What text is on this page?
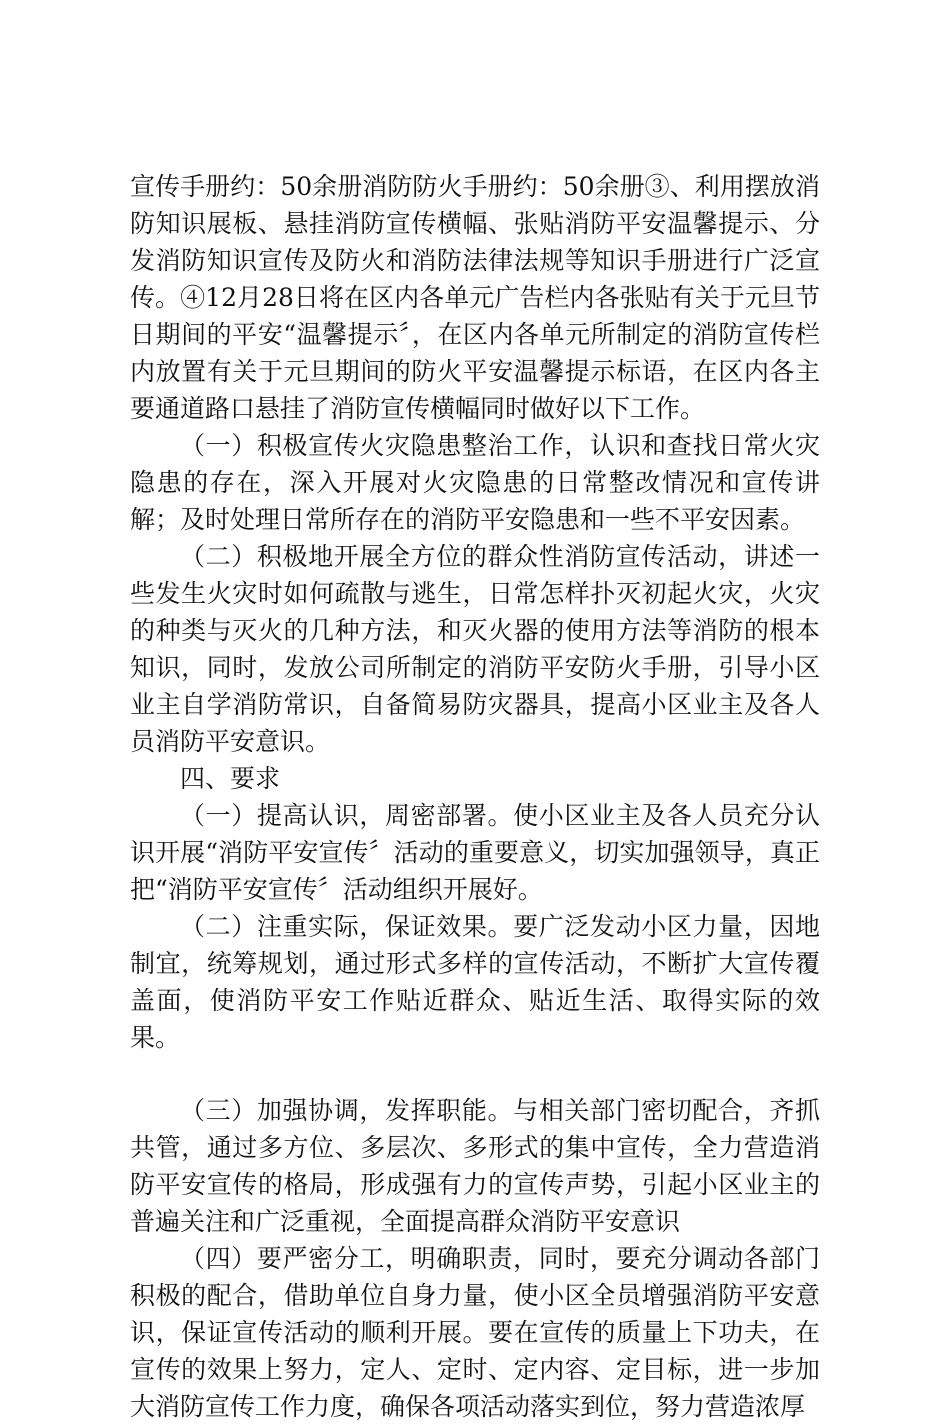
宣传手册约：50余册消防防火手册约：50余册③、利用摆放消防知识展板、悬挂消防宣传横幅、张贴消防平安温馨提示、分发消防知识宣传及防火和消防法律法规等知识手册进行广泛宣传。④12月28日将在区内各单元广告栏内各张贴有关于元旦节日期间的平安“温馨提示〞，在区内各单元所制定的消防宣传栏内放置有关于元旦期间的防火平安温馨提示标语，在区内各主要通道路口悬挂了消防宣传横幅同时做好以下工作。

（一）积极宣传火灾隐患整治工作，认识和查找日常火灾隐患的存在，深入开展对火灾隐患的日常整改情况和宣传讲解；及时处理日常所存在的消防平安隐患和一些不平安因素。

（二）积极地开展全方位的群众性消防宣传活动，讲述一些发生火灾时如何疏散与逃生，日常怎样扑灭初起火灾，火灾的种类与灭火的几种方法，和灭火器的使用方法等消防的根本知识，同时，发放公司所制定的消防平安防火手册，引导小区业主自学消防常识，自备简易防灾器具，提高小区业主及各人员消防平安意识。

四、要求

（一）提高认识，周密部署。使小区业主及各人员充分认识开展“消防平安宣传〞活动的重要意义，切实加强领导，真正把“消防平安宣传〞活动组织开展好。

（二）注重实际，保证效果。要广泛发动小区力量，因地制宜，统筹规划，通过形式多样的宣传活动，不断扩大宣传覆盖面，使消防平安工作贴近群众、贴近生活、取得实际的效果。

（三）加强协调，发挥职能。与相关部门密切配合，齐抓共管，通过多方位、多层次、多形式的集中宣传，全力营造消防平安宣传的格局，形成强有力的宣传声势，引起小区业主的普遍关注和广泛重视，全面提高群众消防平安意识

（四）要严密分工，明确职责，同时，要充分调动各部门积极的配合，借助单位自身力量，使小区全员增强消防平安意识，保证宣传活动的顺利开展。要在宣传的质量上下功夫，在宣传的效果上努力，定人、定时、定内容、定目标，进一步加大消防宣传工作力度，确保各项活动落实到位，努力营造浓厚
